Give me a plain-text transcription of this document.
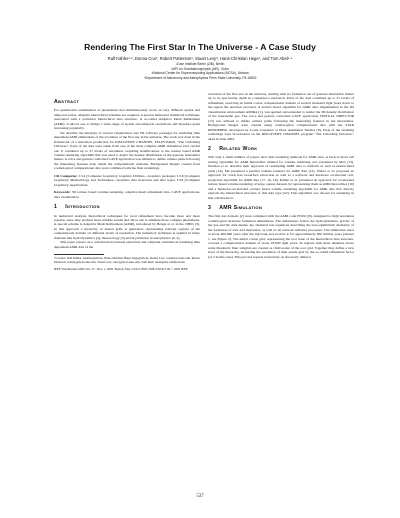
Rendering The First Star In The Universe - A Case Study
Ralf Kähler¹·², Donna Cox³, Robert Patterson³, Stuart Levy³, Hans-Christian Hege¹, and Tom Abel¹·⁴
¹Zuse Institute Berlin (ZIB), Berlin
²MPI for Gravitationsphysik (AEI), Golm
³National Center for Supercomputing Applications (NCSA), Urbana
⁴Department of Astronomy and Astrophysics Penn State University, PA 16802
Abstract

For quantitative examination of phenomena that simultaneously occur on very different spatial and temporal scales, adaptive hierarchical schemes are required. A special numerical multilevel technique, associated with a particular hierarchical data structure, is so-called Adaptive Mesh Refinement (AMR). It allows one to bridge a wide range of spatial and temporal resolutions and therefore gains increasing popularity.

We describe the interplay of several visualization and VR software packages for rendering time dependent AMR simulations of the evolution of the first star in the universe. The work was done in the framework of a television production for DISCOVERY CHANNEL TELEVISION, "The Unfolding Universe". Parts of the data were taken from one of the most complex AMR simulation ever carried out: It contained up to 27 levels of resolution, requiring modifications to the texture based AMR volume rendering algorithm that was used to depict the density distribution of the gaseous interstellar matter. A voice and gesture controlled CAVE application was utilized to define camera paths following the interesting features deep inside the computational domains. Background images created from cosmological computational data were combined with the final renderings.

CR Categories: I.3.4 [Computer Graphics]: Graphics Utilities—Graphics packages; I.3.6 [Computer Graphics]: Methodology and Techniques—Graphics data structures and data types; I.3.8 [Computer Graphics]: Applications

Keywords: 3D texture based volume rendering, adaptive mesh refinement data, CAVE applications, data visualization

1 Introduction

In numerical analysis, hierarchical techniques for local refinement have become more and more popular, since they produce more reliable results and allow one to simulate more complex phenomena. A special scheme is Adaptive Mesh Refinement (AMR), introduced by Berger et al. in the 1980's [3]. In this approach a hierarchy of nested grids is generated, representing relevant regions of the computational domain on different levels of resolution. The numerical technique is applied in many domains like hydrodynamics [4], meteorology [5] and in particular in astrophysics [6, 2].

This paper reports on a collaboration between physicists and computer scientists in rendering time dependent AMR data of the

*Contact: Ralf Kähler: kaehler@zib.de, Hans-Christian Hege: hege@zib.de, Donna Cox: cox@ncsa.uiuc.edu, Robert Patterson: robertp@ncsa.uiuc.edu, Stuart Levy: slevy@ncsa.uiuc.edu, Tom Abel: tabel@slac.stanford.edu

IEEE Visualization 2002 Oct. 27 - Nov. 1, 2002, Boston, MA, USA 0-7803-7498-3/02/$17.00 © 2002 IEEE

evolution of the first star in the universe, starting with its formation out of gaseous interstellar matter up to its spectacular death in a supernova explosion. Parts of the data contained up to 27 levels of refinement, resolving an initial coarse computational domain of several thousand light years down to the region the newborn protostar. A texture based algorithm for AMR data, implemented in the 3D visualization environment AMIRA [1], was applied and extended to render the 3D density distribution of the interstellar gas. The voice and gesture controlled CAVE application VIRTUAL DIRECTOR [15] was utilized to define camera paths following the interesting features in the hierarchies. Background images were created using cosmological computational data with the STAR RENDERER, developed by Loren Carpenter at Pixar Animation Studios [8]. Parts of the resulting renderings were broadcasted on the DISCOVERY CHANNEL program "The Unfolding Universe", aired in June 2002.

2 Related Work

Still only a small number of papers deal with rendering methods for AMR data. A back-to-front cell sorting algorithm for AMR hierarchies utilized for volume rendering was presented by Max [13]. Norman et al. describe their approach of resampling AMR data to uniform as well as unstructured grids [14]. Ma presented a parallel volume renderer for AMR data [12]. Weber et al. proposed an approach for crack free isosurface extraction as well as a software and hardware accelerated cell-projection algorithm for AMR data [17, 16, 18]. Kähler et al. presented an approach for accelerated texture based volume rendering of large, sparse datasets by representing them as AMR hierarchies [10] and a hardware-accelerated, texture based volume rendering algorithm for AMR data that directly exploits the hierarchical structure of this data type [10]. This algorithm was chosen for rendering in this collaboration.

3 AMR Simulation

The first star datasets [2] were computed with the AMR code ENZO [6], designed for high resolution cosmological structure formation simulations. The simulations follow the hydrodynamics, gravity of the gas and the dark matter, the chemical rate equations describing the non-equilibrium chemistry of the formation of ions and molecules, as well as all relevant radiative processes. The simulation starts at about 400,000 years after the big bang and evolves it for approximately 300 million years (dataset 1, see Figure 2). The initial coarse grid, representing the root node of the hierarchical data structure, covered a computational domain of about 18,000 light years. In regions with mass densities above some threshold, finer subgrids are created as child nodes of the root grid. Together they define a new level of the hierarchy, increasing the resolution of their parent grid by the so-called refinement factor (of 2 in this case). This process repeats recursively on the newly defined

537
